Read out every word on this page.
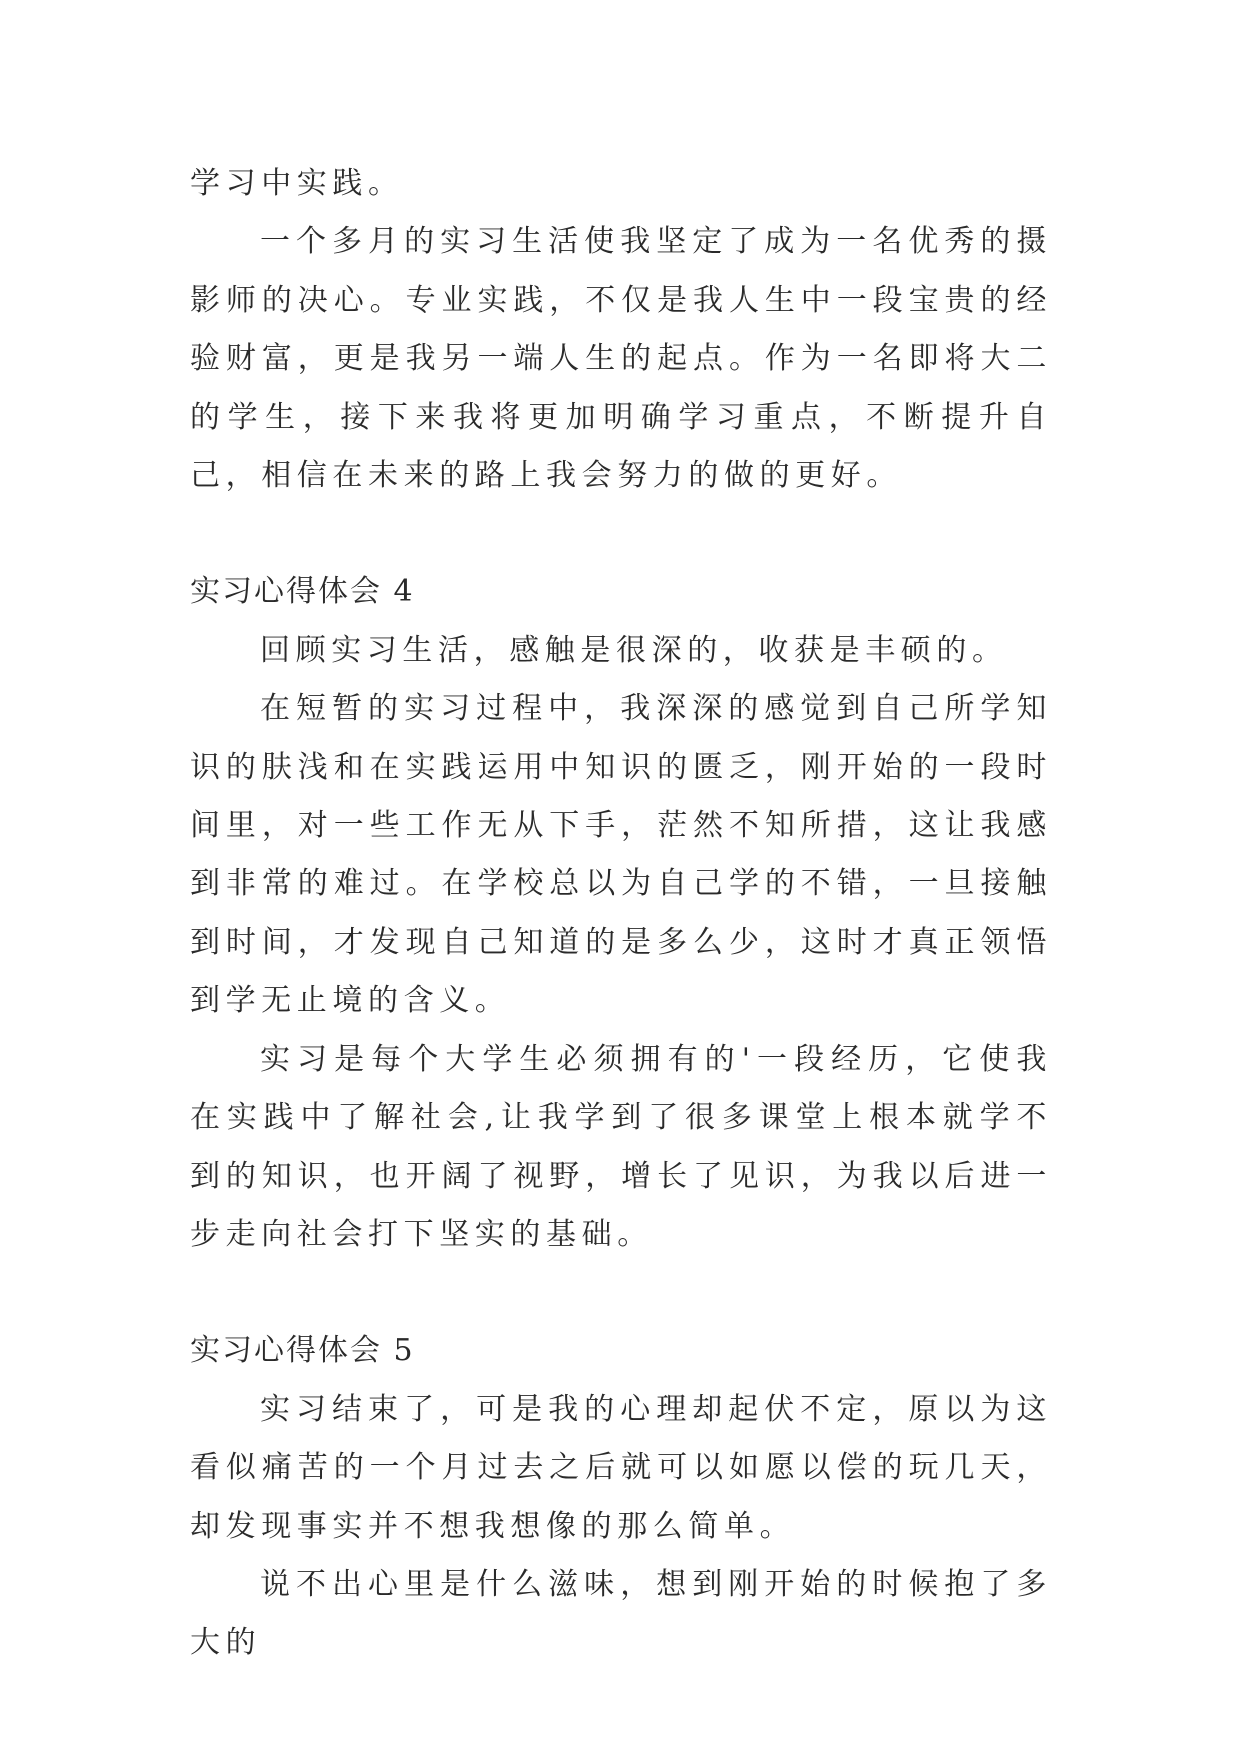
学习中实践。

一个多月的实习生活使我坚定了成为一名优秀的摄影师的决心。专业实践，不仅是我人生中一段宝贵的经验财富，更是我另一端人生的起点。作为一名即将大二的学生，接下来我将更加明确学习重点，不断提升自己，相信在未来的路上我会努力的做的更好。

实习心得体会 4

回顾实习生活，感触是很深的，收获是丰硕的。

在短暂的实习过程中，我深深的感觉到自己所学知识的肤浅和在实践运用中知识的匮乏，刚开始的一段时间里，对一些工作无从下手，茫然不知所措，这让我感到非常的难过。在学校总以为自己学的不错，一旦接触到时间，才发现自己知道的是多么少，这时才真正领悟到学无止境的含义。

实习是每个大学生必须拥有的'一段经历，它使我在实践中了解社会,让我学到了很多课堂上根本就学不到的知识，也开阔了视野，增长了见识，为我以后进一步走向社会打下坚实的基础。

实习心得体会 5

实习结束了，可是我的心理却起伏不定，原以为这看似痛苦的一个月过去之后就可以如愿以偿的玩几天，却发现事实并不想我想像的那么简单。

说不出心里是什么滋味，想到刚开始的时候抱了多大的
